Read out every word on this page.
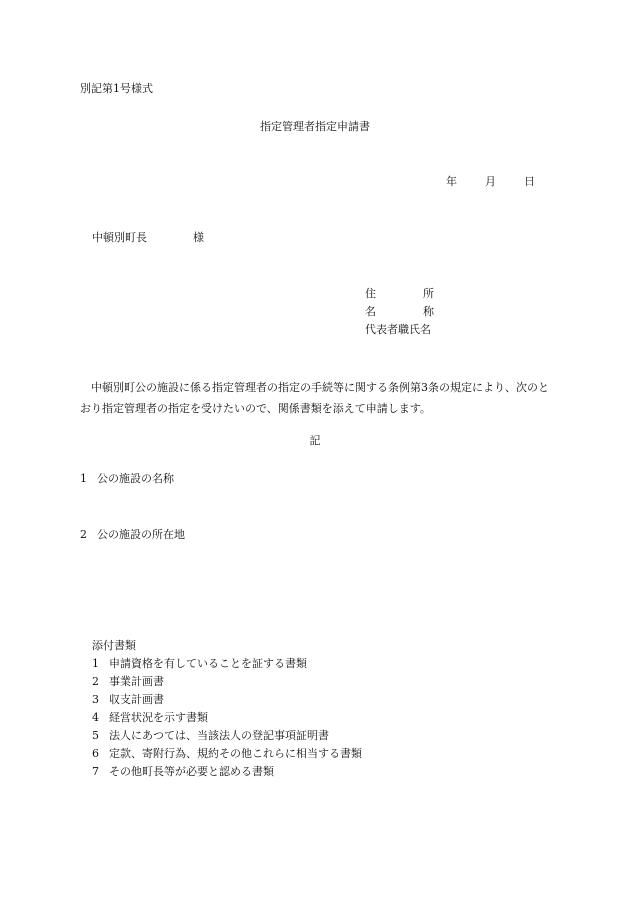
別記第1号様式
指定管理者指定申請書
年	月	日
中頓別町長	様
住	所
名	称
代表者職氏名
中頓別町公の施設に係る指定管理者の指定の手続等に関する条例第3条の規定により、次のとおり指定管理者の指定を受けたいので、関係書類を添えて申請します。
記
1 公の施設の名称
2 公の施設の所在地
添付書類
1 申請資格を有していることを証する書類
2 事業計画書
3 収支計画書
4 経営状況を示す書類
5 法人にあつては、当該法人の登記事項証明書
6 定款、寄附行為、規約その他これらに相当する書類
7 その他町長等が必要と認める書類
